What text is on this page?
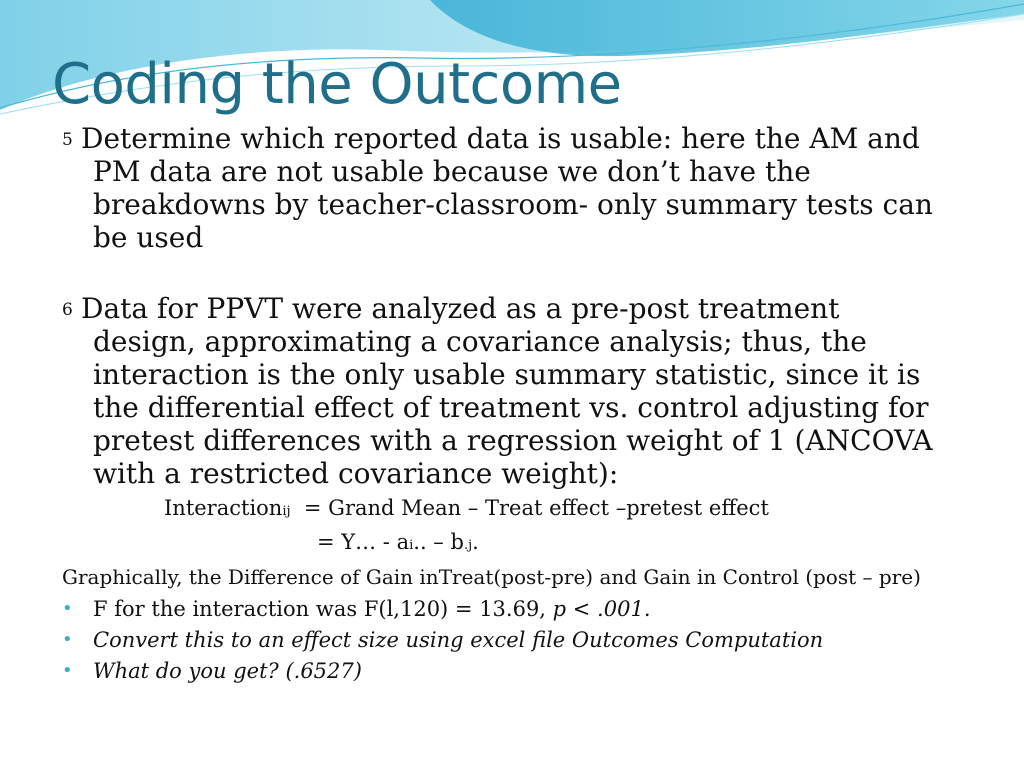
Coding the Outcome

5 Determine which reported data is usable: here the AM and
PM data are not usable because we don’t have the breakdowns by teacher-classroom- only summary tests can be used

6 Data for PPVT were analyzed as a pre-post treatment
design, approximating a covariance analysis; thus, the interaction is the only usable summary statistic, since it is the differential effect of treatment vs. control adjusting for pretest differences with a regression weight of 1 (ANCOVA with a restricted covariance weight):

Interactionij = Grand Mean – Treat effect –pretest effect
= Y… - ai.. – b.j.
Graphically, the Difference of Gain inTreat(post-pre) and Gain in Control (post – pre)
• F for the interaction was F(l,120) = 13.69, p < .001.
• Convert this to an effect size using excel file Outcomes Computation
• What do you get? (.6527)
